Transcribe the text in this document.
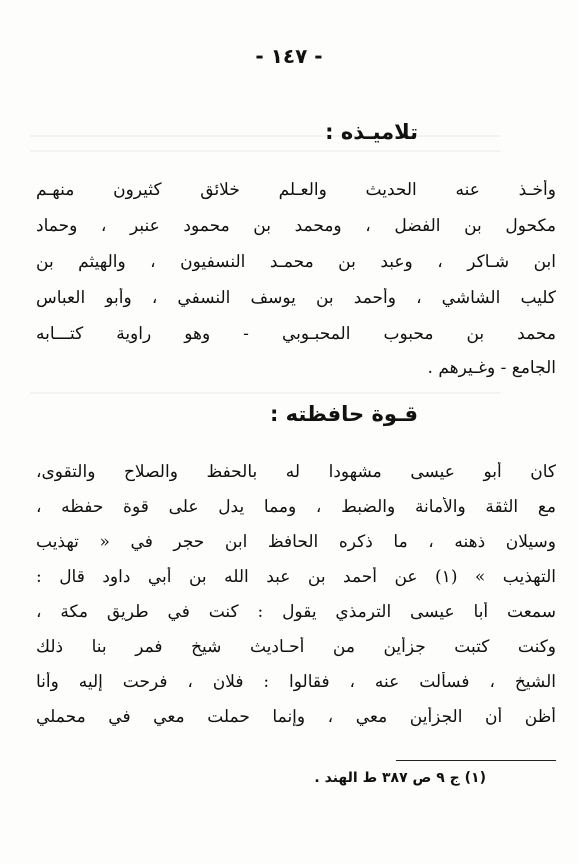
- ١٤٧ -
تلاميـذه :
وأخـذ عنه الحديث والعـلم خلائق كثيرون منهـم
مكحول بن الفضل ، ومحمد بن محمود عنبر ، وحماد
ابن شـاكر ، وعبد بن محمـد النسفيون ، والهيثم بن
كليب الشاشي ، وأحمد بن يوسف النسفي ، وأبو العباس
محمد بن محبوب المحبـوبي - وهو راوية كتـــابه
الجامع - وغـيرهم .
قـوة حافظته :
كان أبو عيسى مشهودا له بالحفظ والصلاح والتقوى،
مع الثقة والأمانة والضبط ، ومما يدل على قوة حفظه ،
وسيلان ذهنه ، ما ذكره الحافظ ابن حجر في « تهذيب
التهذيب » (١) عن أحمد بن عبد الله بن أبي داود قال :
سمعت أبا عيسى الترمذي يقول : كنت في طريق مكة ،
وكنت كتبت جزأين من أحـاديث شيخ فمر بنا ذلك
الشيخ ، فسألت عنه ، فقالوا : فلان ، فرحت إليه وأنا
أظن أن الجزأين معي ، وإنما حملت معي في محملي
(١) ج ٩ ص ٣٨٧ ط الهند .
